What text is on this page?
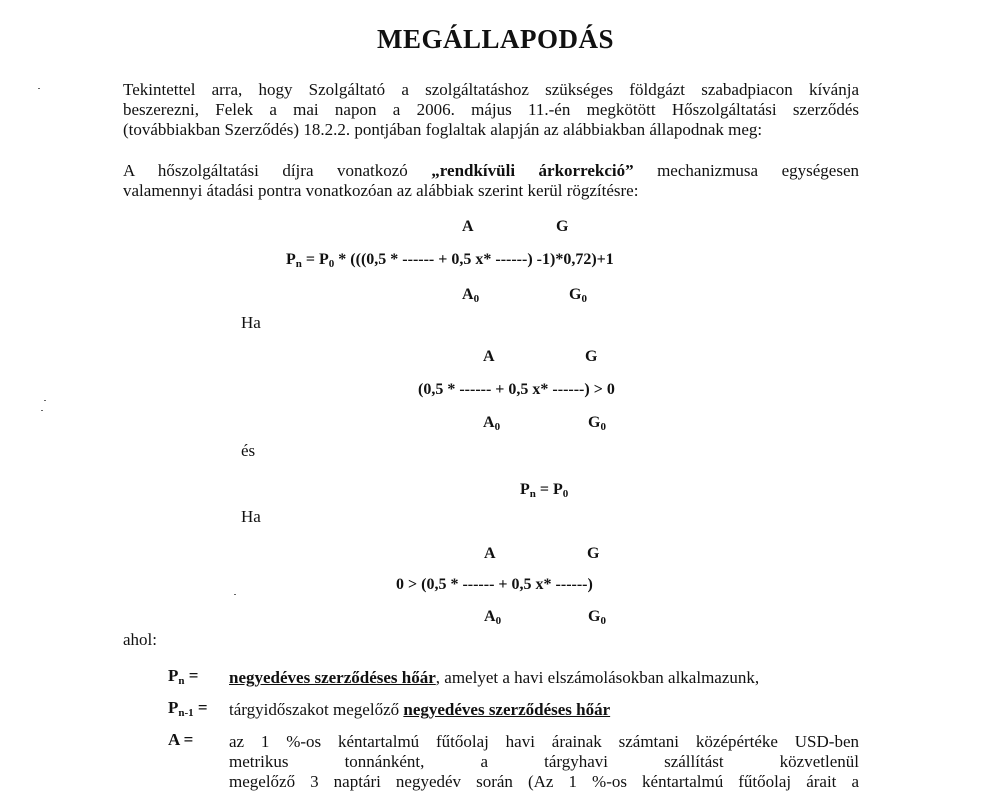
MEGÁLLAPODÁS
Tekintettel arra, hogy Szolgáltató a szolgáltatáshoz szükséges földgázt szabadpiacon kívánja
beszerezni, Felek a mai napon a 2006. május 11.-én megkötött Hőszolgáltatási szerződés
(továbbiakban Szerződés) 18.2.2. pontjában foglaltak alapján az alábbiakban állapodnak meg:
A hőszolgáltatási díjra vonatkozó „rendkívüli árkorrekció” mechanizmusa egységesen
valamennyi átadási pontra vonatkozóan az alábbiak szerint kerül rögzítésre:
A	G
$P_n = P_0 * (((0,5$ * ------ + 0,5 x* ------) -1)*0,72)+1
$A_0$	$G_0$
Ha
A	G
(0,5 * ------ + 0,5 x* ------) > 0
$A_0$	$G_0$
és
$P_n = P_0$
Ha
A	G
0 > (0,5 * ------ + 0,5 x* ------)
$A_0$	$G_0$
ahol:
$P_n$ = negyedéves szerződéses hőár, amelyet a havi elszámolásokban alkalmazunk,
$P_{n-1}$ = tárgyidőszakot megelőző negyedéves szerződéses hőár
A = az 1 %-os kéntartalmú fűtőolaj havi árainak számtani középértéke USD-ben
metrikus tonnánként, a tárgyhavi szállítást közvetlenül
megelőző 3 naptári negyedév során (Az 1 %-os kéntartalmú fűtőolaj árait a
